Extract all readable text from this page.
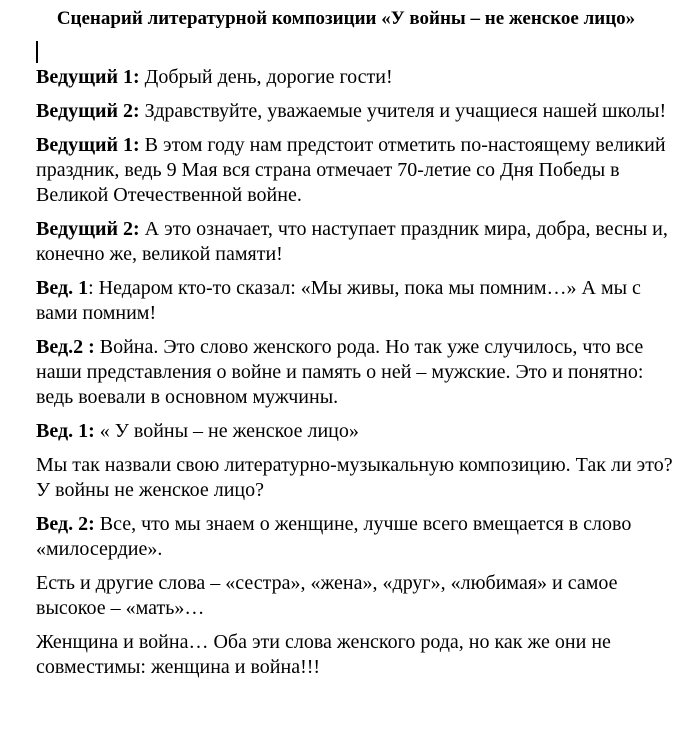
Сценарий литературной композиции «У войны – не женское лицо»
Ведущий 1: Добрый день, дорогие гости!
Ведущий 2: Здравствуйте, уважаемые учителя и учащиеся нашей школы!
Ведущий 1: В этом году нам предстоит отметить по-настоящему великий праздник, ведь 9 Мая вся страна отмечает 70-летие со Дня Победы в Великой Отечественной войне.
Ведущий 2: А это означает, что наступает праздник мира, добра, весны и, конечно же, великой памяти!
Вед. 1: Недаром кто-то сказал: «Мы живы, пока мы помним…» А мы с вами помним!
Вед.2 : Война. Это слово женского рода. Но так уже случилось, что все наши представления о войне и память о ней – мужские. Это и понятно: ведь воевали в основном мужчины.
Вед. 1: « У войны – не женское лицо»
Мы так назвали свою литературно-музыкальную композицию. Так ли это? У войны не женское лицо?
Вед. 2: Все, что мы знаем о женщине, лучше всего вмещается в слово «милосердие».
Есть и другие слова – «сестра», «жена», «друг», «любимая» и самое высокое – «мать»…
Женщина и война… Оба эти слова женского рода, но как же они не совместимы: женщина и война!!!
